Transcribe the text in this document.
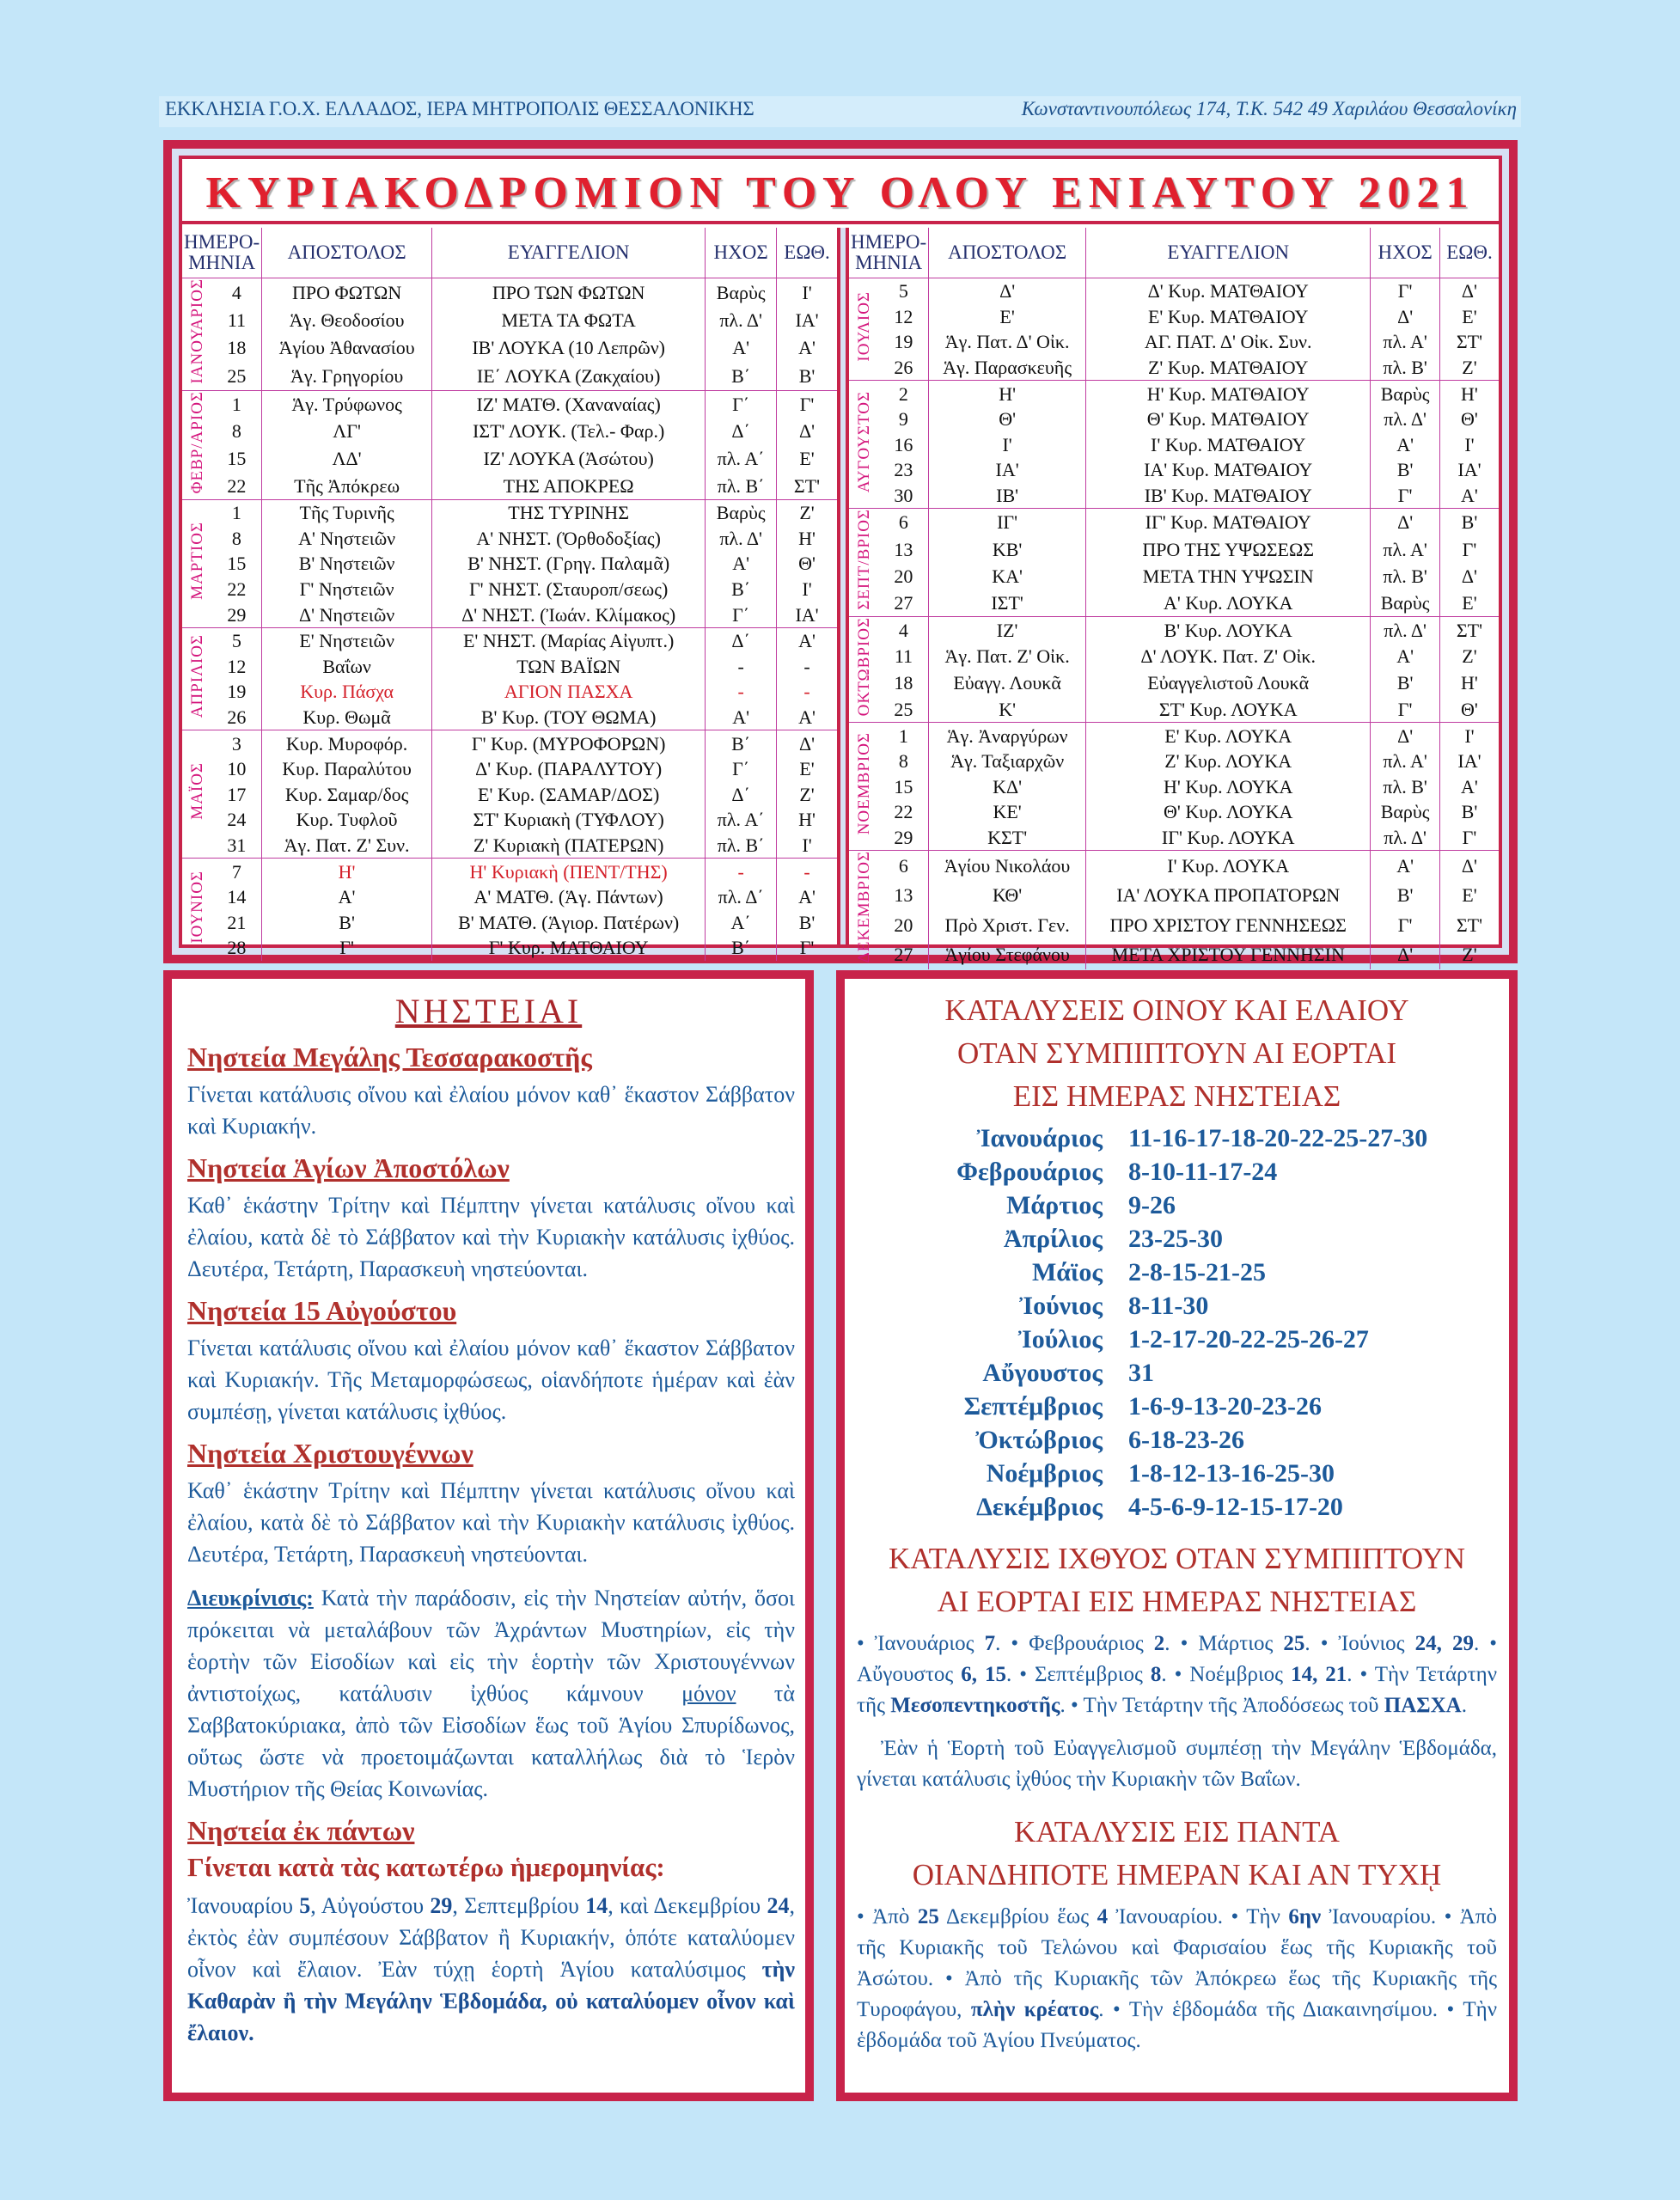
ΕΚΚΛΗΣΙΑ Γ.Ο.Χ. ΕΛΛΑΔΟΣ, ΙΕΡΑ ΜΗΤΡΟΠΟΛΙΣ ΘΕΣΣΑΛΟΝΙΚΗΣ	Κωνσταντινουπόλεως 174, Τ.Κ. 542 49 Χαριλάου Θεσσαλονίκη
ΚΥΡΙΑΚΟΔΡΟΜΙΟΝ ΤΟΥ ΟΛΟΥ ΕΝΙΑΥΤΟΥ 2021
ΗΜΕΡΟ-ΜΗΝΙΑ		ΑΠΟΣΤΟΛΟΣ	ΕΥΑΓΓΕΛΙΟΝ	ΗΧΟΣ	ΕΩΘ.
ΙΑΝΟΥΑΡΙΟΣ	4	ΠΡΟ ΦΩΤΩΝ	ΠΡΟ ΤΩΝ ΦΩΤΩΝ	Βαρὺς	Ι'
	11	Ἁγ. Θεοδοσίου	ΜΕΤΑ ΤΑ ΦΩΤΑ	πλ. Δ'	ΙΑ'
	18	Ἁγίου Ἀθανασίου	ΙΒ' ΛΟΥΚΑ (10 Λεπρῶν)	Α'	Α'
	25	Ἁγ. Γρηγορίου	ΙΕ΄ ΛΟΥΚΑ (Ζακχαίου)	Β΄	Β'
ΦΕΒΡ/ΑΡΙΟΣ	1	Ἁγ. Τρύφωνος	ΙΖ' ΜΑΤΘ. (Χαναναίας)	Γ΄	Γ'
	8	ΛΓ'	ΙΣΤ' ΛΟΥΚ. (Τελ.- Φαρ.)	Δ΄	Δ'
	15	ΛΔ'	ΙΖ' ΛΟΥΚΑ (Ἀσώτου)	πλ. Α΄	Ε'
	22	Τῆς Ἀπόκρεω	ΤΗΣ ΑΠΟΚΡΕΩ	πλ. Β΄	ΣΤ'
ΜΑΡΤΙΟΣ	1	Τῆς Τυρινῆς	ΤΗΣ ΤΥΡΙΝΗΣ	Βαρὺς	Ζ'
	8	Α' Νηστειῶν	Α' ΝΗΣΤ. (Ὀρθοδοξίας)	πλ. Δ'	Η'
	15	Β' Νηστειῶν	Β' ΝΗΣΤ. (Γρηγ. Παλαμᾶ)	Α'	Θ'
	22	Γ' Νηστειῶν	Γ' ΝΗΣΤ. (Σταυροπ/σεως)	Β΄	Ι'
	29	Δ' Νηστειῶν	Δ' ΝΗΣΤ. (Ἰωάν. Κλίμακος)	Γ΄	ΙΑ'
ΑΠΡΙΛΙΟΣ	5	Ε' Νηστειῶν	Ε' ΝΗΣΤ. (Μαρίας Αἰγυπτ.)	Δ΄	Α'
	12	Βαΐων	ΤΩΝ ΒΑΪΩΝ	-	-
	19	Κυρ. Πάσχα	ΑΓΙΟΝ ΠΑΣΧΑ	-	-
	26	Κυρ. Θωμᾶ	Β' Κυρ. (ΤΟΥ ΘΩΜΑ)	Α'	Α'
ΜΑΪΟΣ	3	Κυρ. Μυροφόρ.	Γ' Κυρ. (ΜΥΡΟΦΟΡΩΝ)	Β΄	Δ'
	10	Κυρ. Παραλύτου	Δ' Κυρ. (ΠΑΡΑΛΥΤΟΥ)	Γ΄	Ε'
	17	Κυρ. Σαμαρ/δος	Ε' Κυρ. (ΣΑΜΑΡ/ΔΟΣ)	Δ΄	Ζ'
	24	Κυρ. Τυφλοῦ	ΣΤ' Κυριακὴ (ΤΥΦΛΟΥ)	πλ. Α΄	Η'
	31	Ἁγ. Πατ. Ζ' Συν.	Ζ' Κυριακὴ (ΠΑΤΕΡΩΝ)	πλ. Β΄	Ι'
ΙΟΥΝΙΟΣ	7	Η'	Η' Κυριακὴ (ΠΕΝΤ/ΤΗΣ)	-	-
	14	Α'	Α' ΜΑΤΘ. (Ἁγ. Πάντων)	πλ. Δ΄	Α'
	21	Β'	Β' ΜΑΤΘ. (Ἁγιορ. Πατέρων)	Α΄	Β'
	28	Γ'	Γ' Κυρ. ΜΑΤΘΑΙΟΥ	Β΄	Γ'
ΗΜΕΡΟ-ΜΗΝΙΑ		ΑΠΟΣΤΟΛΟΣ	ΕΥΑΓΓΕΛΙΟΝ	ΗΧΟΣ	ΕΩΘ.
ΙΟΥΛΙΟΣ	5	Δ'	Δ' Κυρ. ΜΑΤΘΑΙΟΥ	Γ'	Δ'
	12	Ε'	Ε' Κυρ. ΜΑΤΘΑΙΟΥ	Δ'	Ε'
	19	Ἁγ. Πατ. Δ' Οἰκ.	ΑΓ. ΠΑΤ. Δ' Οἰκ. Συν.	πλ. Α'	ΣΤ'
	26	Ἁγ. Παρασκευῆς	Ζ' Κυρ. ΜΑΤΘΑΙΟΥ	πλ. Β'	Ζ'
ΑΥΓΟΥΣΤΟΣ	2	Η'	Η' Κυρ. ΜΑΤΘΑΙΟΥ	Βαρὺς	Η'
	9	Θ'	Θ' Κυρ. ΜΑΤΘΑΙΟΥ	πλ. Δ'	Θ'
	16	Ι'	Ι' Κυρ. ΜΑΤΘΑΙΟΥ	Α'	Ι'
	23	ΙΑ'	ΙΑ' Κυρ. ΜΑΤΘΑΙΟΥ	Β'	ΙΑ'
	30	ΙΒ'	ΙΒ' Κυρ. ΜΑΤΘΑΙΟΥ	Γ'	Α'
ΣΕΠΤ/ΒΡΙΟΣ	6	ΙΓ'	ΙΓ' Κυρ. ΜΑΤΘΑΙΟΥ	Δ'	Β'
	13	ΚΒ'	ΠΡΟ ΤΗΣ ΥΨΩΣΕΩΣ	πλ. Α'	Γ'
	20	ΚΑ'	ΜΕΤΑ ΤΗΝ ΥΨΩΣΙΝ	πλ. Β'	Δ'
	27	ΙΣΤ'	Α' Κυρ. ΛΟΥΚΑ	Βαρὺς	Ε'
ΟΚΤΩΒΡΙΟΣ	4	ΙΖ'	Β' Κυρ. ΛΟΥΚΑ	πλ. Δ'	ΣΤ'
	11	Ἁγ. Πατ. Ζ' Οἰκ.	Δ' ΛΟΥΚ. Πατ. Ζ' Οἰκ.	Α'	Ζ'
	18	Εὐαγγ. Λουκᾶ	Εὐαγγελιστοῦ Λουκᾶ	Β'	Η'
	25	Κ'	ΣΤ' Κυρ. ΛΟΥΚΑ	Γ'	Θ'
ΝΟΕΜΒΡΙΟΣ	1	Ἁγ. Ἀναργύρων	Ε' Κυρ. ΛΟΥΚΑ	Δ'	Ι'
	8	Ἁγ. Ταξιαρχῶν	Ζ' Κυρ. ΛΟΥΚΑ	πλ. Α'	ΙΑ'
	15	ΚΔ'	Η' Κυρ. ΛΟΥΚΑ	πλ. Β'	Α'
	22	ΚΕ'	Θ' Κυρ. ΛΟΥΚΑ	Βαρὺς	Β'
	29	ΚΣΤ'	ΙΓ' Κυρ. ΛΟΥΚΑ	πλ. Δ'	Γ'
ΔΕΚΕΜΒΡΙΟΣ	6	Ἁγίου Νικολάου	Ι' Κυρ. ΛΟΥΚΑ	Α'	Δ'
	13	ΚΘ'	ΙΑ' ΛΟΥΚΑ ΠΡΟΠΑΤΟΡΩΝ	Β'	Ε'
	20	Πρὸ Χριστ. Γεν.	ΠΡΟ ΧΡΙΣΤΟΥ ΓΕΝΝΗΣΕΩΣ	Γ'	ΣΤ'
	27	Ἁγίου Στεφάνου	ΜΕΤΑ ΧΡΙΣΤΟΥ ΓΕΝΝΗΣΙΝ	Δ'	Ζ'
ΝΗΣΤΕΙΑΙ
Νηστεία Μεγάλης Τεσσαρακοστῆς
Γίνεται κατάλυσις οἴνου καὶ ἐλαίου μόνον καθ᾽ ἕκαστον Σάββατον καὶ Κυριακήν.
Νηστεία Ἁγίων Ἀποστόλων
Καθ᾽ ἑκάστην Τρίτην καὶ Πέμπτην γίνεται κατάλυσις οἴνου καὶ ἐλαίου, κατὰ δὲ τὸ Σάββατον καὶ τὴν Κυριακὴν κατάλυσις ἰχθύος. Δευτέρα, Τετάρτη, Παρασκευὴ νηστεύονται.
Νηστεία 15 Αὐγούστου
Γίνεται κατάλυσις οἴνου καὶ ἐλαίου μόνον καθ᾽ ἕκαστον Σάββατον καὶ Κυριακήν. Τῆς Μεταμορφώσεως, οἱανδήποτε ἡμέραν καὶ ἐὰν συμπέσῃ, γίνεται κατάλυσις ἰχθύος.
Νηστεία Χριστουγέννων
Καθ᾽ ἑκάστην Τρίτην καὶ Πέμπτην γίνεται κατάλυσις οἴνου καὶ ἐλαίου, κατὰ δὲ τὸ Σάββατον καὶ τὴν Κυριακὴν κατάλυσις ἰχθύος. Δευτέρα, Τετάρτη, Παρασκευὴ νηστεύονται.
Διευκρίνισις: Κατὰ τὴν παράδοσιν, εἰς τὴν Νηστείαν αὐτήν, ὅσοι πρόκειται νὰ μεταλάβουν τῶν Ἀχράντων Μυστηρίων, εἰς τὴν ἑορτὴν τῶν Εἰσοδίων καὶ εἰς τὴν ἑορτὴν τῶν Χριστουγέννων ἀντιστοίχως, κατάλυσιν ἰχθύος κάμνουν μόνον τὰ Σαββατοκύριακα, ἀπὸ τῶν Εἰσοδίων ἕως τοῦ Ἁγίου Σπυρίδωνος, οὕτως ὥστε νὰ προετοιμάζωνται καταλλήλως διὰ τὸ Ἱερὸν Μυστήριον τῆς Θείας Κοινωνίας.
Νηστεία ἐκ πάντων
Γίνεται κατὰ τὰς κατωτέρω ἡμερομηνίας:
Ἰανουαρίου 5, Αὐγούστου 29, Σεπτεμβρίου 14, καὶ Δεκεμβρίου 24, ἐκτὸς ἐὰν συμπέσουν Σάββατον ἢ Κυριακήν, ὁπότε καταλύομεν οἶνον καὶ ἔλαιον. Ἐὰν τύχῃ ἑορτὴ Ἁγίου καταλύσιμος τὴν Καθαρὰν ἢ τὴν Μεγάλην Ἑβδομάδα, οὐ καταλύομεν οἶνον καὶ ἔλαιον.
ΚΑΤΑΛΥΣΕΙΣ ΟΙΝΟΥ ΚΑΙ ΕΛΑΙΟΥ
ΟΤΑΝ ΣΥΜΠΙΠΤΟΥΝ ΑΙ ΕΟΡΤΑΙ
ΕΙΣ ΗΜΕΡΑΣ ΝΗΣΤΕΙΑΣ
Ἰανουάριος	11-16-17-18-20-22-25-27-30
Φεβρουάριος	8-10-11-17-24
Μάρτιος	9-26
Ἀπρίλιος	23-25-30
Μάϊος	2-8-15-21-25
Ἰούνιος	8-11-30
Ἰούλιος	1-2-17-20-22-25-26-27
Αὔγουστος	31
Σεπτέμβριος	1-6-9-13-20-23-26
Ὀκτώβριος	6-18-23-26
Νοέμβριος	1-8-12-13-16-25-30
Δεκέμβριος	4-5-6-9-12-15-17-20
ΚΑΤΑΛΥΣΙΣ ΙΧΘΥΟΣ ΟΤΑΝ ΣΥΜΠΙΠΤΟΥΝ
ΑΙ ΕΟΡΤΑΙ ΕΙΣ ΗΜΕΡΑΣ ΝΗΣΤΕΙΑΣ
• Ἰανουάριος 7. • Φεβρουάριος 2. • Μάρτιος 25. • Ἰούνιος 24, 29. • Αὔγουστος 6, 15. • Σεπτέμβριος 8. • Νοέμβριος 14, 21. • Τὴν Τετάρτην τῆς Μεσοπεντηκοστῆς. • Τὴν Τετάρτην τῆς Ἀποδόσεως τοῦ ΠΑΣΧΑ.
Ἐὰν ἡ Ἑορτὴ τοῦ Εὐαγγελισμοῦ συμπέσῃ τὴν Μεγάλην Ἑβδομάδα, γίνεται κατάλυσις ἰχθύος τὴν Κυριακὴν τῶν Βαΐων.
ΚΑΤΑΛΥΣΙΣ ΕΙΣ ΠΑΝΤΑ
ΟΙΑΝΔΗΠΟΤΕ ΗΜΕΡΑΝ ΚΑΙ ΑΝ ΤΥΧῌ
• Ἀπὸ 25 Δεκεμβρίου ἕως 4 Ἰανουαρίου. • Τὴν 6ην Ἰανουαρίου. • Ἀπὸ τῆς Κυριακῆς τοῦ Τελώνου καὶ Φαρισαίου ἕως τῆς Κυριακῆς τοῦ Ἀσώτου. • Ἀπὸ τῆς Κυριακῆς τῶν Ἀπόκρεω ἕως τῆς Κυριακῆς τῆς Τυροφάγου, πλὴν κρέατος. • Τὴν ἑβδομάδα τῆς Διακαινησίμου. • Τὴν ἑβδομάδα τοῦ Ἁγίου Πνεύματος.
